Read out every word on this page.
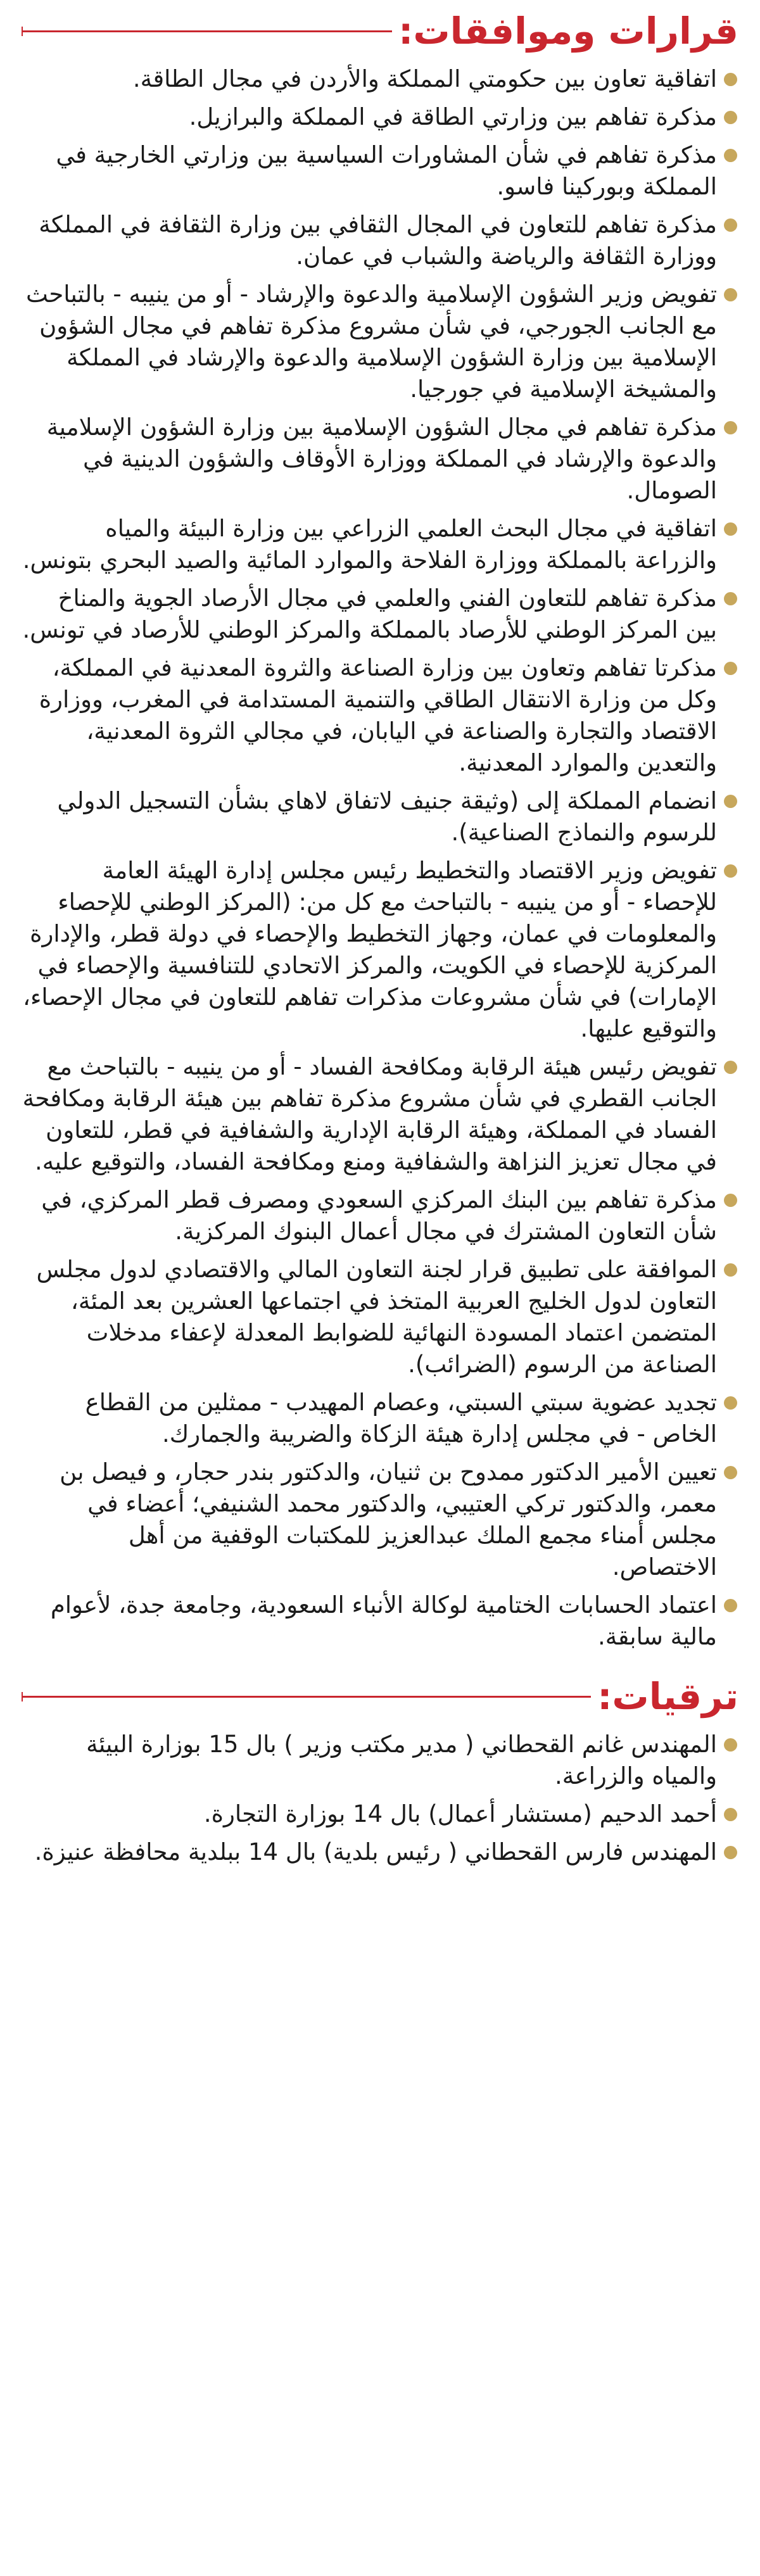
قرارات وموافقات:
اتفاقية تعاون بين حكومتي المملكة والأردن في مجال الطاقة.
مذكرة تفاهم بين وزارتي الطاقة في المملكة والبرازيل.
مذكرة تفاهم في شأن المشاورات السياسية بين وزارتي الخارجية في المملكة وبوركينا فاسو.
مذكرة تفاهم للتعاون في المجال الثقافي بين وزارة الثقافة في المملكة ووزارة الثقافة والرياضة والشباب في عمان.
تفويض وزير الشؤون الإسلامية والدعوة والإرشاد - أو من ينيبه - بالتباحث مع الجانب الجورجي، في شأن مشروع مذكرة تفاهم في مجال الشؤون الإسلامية بين وزارة الشؤون الإسلامية والدعوة والإرشاد في المملكة والمشيخة الإسلامية في جورجيا.
مذكرة تفاهم في مجال الشؤون الإسلامية بين وزارة الشؤون الإسلامية والدعوة والإرشاد في المملكة ووزارة الأوقاف والشؤون الدينية في الصومال.
اتفاقية في مجال البحث العلمي الزراعي بين وزارة البيئة والمياه والزراعة بالمملكة ووزارة الفلاحة والموارد المائية والصيد البحري بتونس.
مذكرة تفاهم للتعاون الفني والعلمي في مجال الأرصاد الجوية والمناخ بين المركز الوطني للأرصاد بالمملكة والمركز الوطني للأرصاد في تونس.
مذكرتا تفاهم وتعاون بين وزارة الصناعة والثروة المعدنية في المملكة، وكل من وزارة الانتقال الطاقي والتنمية المستدامة في المغرب، ووزارة الاقتصاد والتجارة والصناعة في اليابان، في مجالي الثروة المعدنية، والتعدين والموارد المعدنية.
انضمام المملكة إلى (وثيقة جنيف لاتفاق لاهاي بشأن التسجيل الدولي للرسوم والنماذج الصناعية).
تفويض وزير الاقتصاد والتخطيط رئيس مجلس إدارة الهيئة العامة للإحصاء - أو من ينيبه - بالتباحث مع كل من: (المركز الوطني للإحصاء والمعلومات في عمان، وجهاز التخطيط والإحصاء في دولة قطر، والإدارة المركزية للإحصاء في الكويت، والمركز الاتحادي للتنافسية والإحصاء في الإمارات) في شأن مشروعات مذكرات تفاهم للتعاون في مجال الإحصاء، والتوقيع عليها.
تفويض رئيس هيئة الرقابة ومكافحة الفساد - أو من ينيبه - بالتباحث مع الجانب القطري في شأن مشروع مذكرة تفاهم بين هيئة الرقابة ومكافحة الفساد في المملكة، وهيئة الرقابة الإدارية والشفافية في قطر، للتعاون في مجال تعزيز النزاهة والشفافية ومنع ومكافحة الفساد، والتوقيع عليه.
مذكرة تفاهم بين البنك المركزي السعودي ومصرف قطر المركزي، في شأن التعاون المشترك في مجال أعمال البنوك المركزية.
الموافقة على تطبيق قرار لجنة التعاون المالي والاقتصادي لدول مجلس التعاون لدول الخليج العربية المتخذ في اجتماعها العشرين بعد المئة، المتضمن اعتماد المسودة النهائية للضوابط المعدلة لإعفاء مدخلات الصناعة من الرسوم (الضرائب).
تجديد عضوية سبتي السبتي، وعصام المهيدب - ممثلين من القطاع الخاص - في مجلس إدارة هيئة الزكاة والضريبة والجمارك.
تعيين الأمير الدكتور ممدوح بن ثنيان، والدكتور بندر حجار، و فيصل بن معمر، والدكتور تركي العتيبي، والدكتور محمد الشنيفي؛ أعضاء في مجلس أمناء مجمع الملك عبدالعزيز للمكتبات الوقفية من أهل الاختصاص.
اعتماد الحسابات الختامية لوكالة الأنباء السعودية، وجامعة جدة، لأعوام مالية سابقة.
ترقيات:
المهندس غانم القحطاني ( مدير مكتب وزير ) بال 15 بوزارة البيئة والمياه والزراعة.
أحمد الدحيم (مستشار أعمال) بال 14 بوزارة التجارة.
المهندس فارس القحطاني ( رئيس بلدية) بال 14 ببلدية محافظة عنيزة.
